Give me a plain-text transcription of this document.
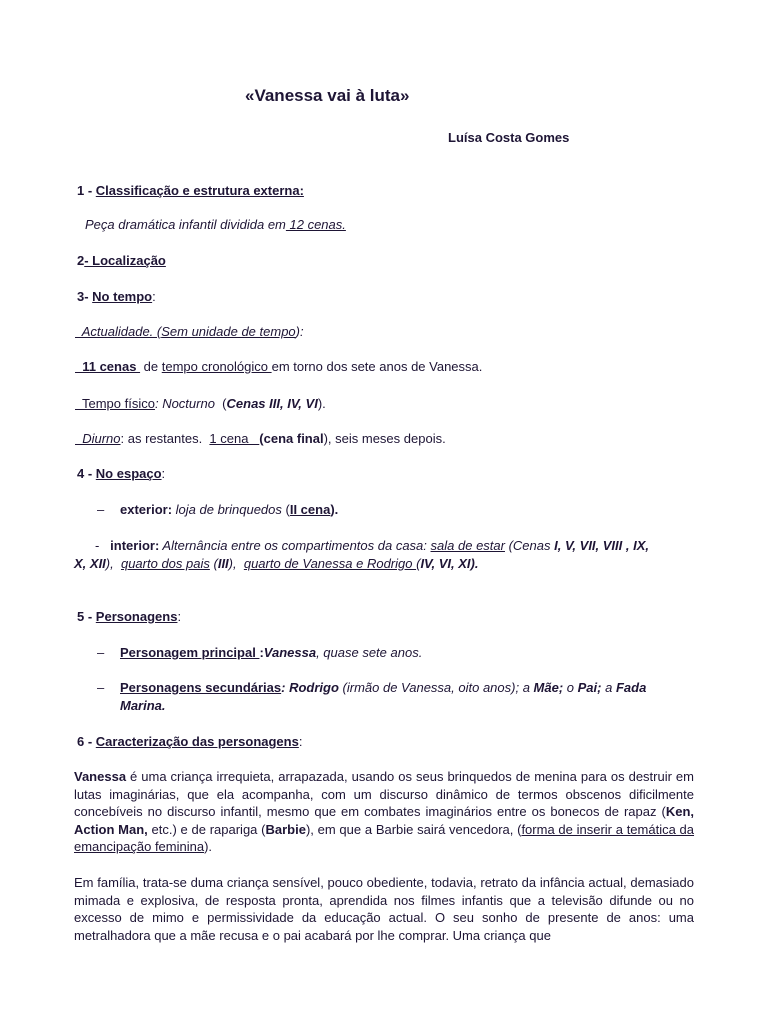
«Vanessa vai à luta»
Luísa Costa Gomes
1 - Classificação e estrutura externa:
Peça dramática infantil dividida em 12 cenas.
2- Localização
3- No tempo:
Actualidade. (Sem unidade de tempo):
11 cenas  de tempo cronológico em torno dos sete anos de Vanessa.
Tempo físico: Nocturno  (Cenas III, IV, VI).
Diurno: as restantes.  1 cena   (cena final), seis meses depois.
4 - No espaço:
– exterior: loja de brinquedos (II cena).
-   interior: Alternância entre os compartimentos da casa: sala de estar (Cenas I, V, VII, VIII , IX,
X, XII),  quarto dos pais (III),  quarto de Vanessa e Rodrigo (IV, VI, XI).
5 - Personagens:
– Personagem principal :Vanessa, quase sete anos.
– Personagens secundárias: Rodrigo (irmão de Vanessa, oito anos); a Mãe; o Pai; a Fada
Marina.
6 - Caracterização das personagens:
Vanessa é uma criança irrequieta, arrapazada, usando os seus brinquedos de menina para os destruir em lutas imaginárias, que ela acompanha, com um discurso dinâmico de termos obscenos dificilmente concebíveis no discurso infantil, mesmo que em combates imaginários entre os bonecos de rapaz (Ken, Action Man, etc.) e de rapariga (Barbie), em que a Barbie sairá vencedora, (forma de inserir a temática da emancipação feminina).
Em família, trata-se duma criança sensível, pouco obediente, todavia, retrato da infância actual, demasiado mimada e explosiva, de resposta pronta, aprendida nos filmes infantis que a televisão difunde ou no excesso de mimo e permissividade da educação actual. O seu sonho de presente de anos: uma metralhadora que a mãe recusa e o pai acabará por lhe comprar. Uma criança que
